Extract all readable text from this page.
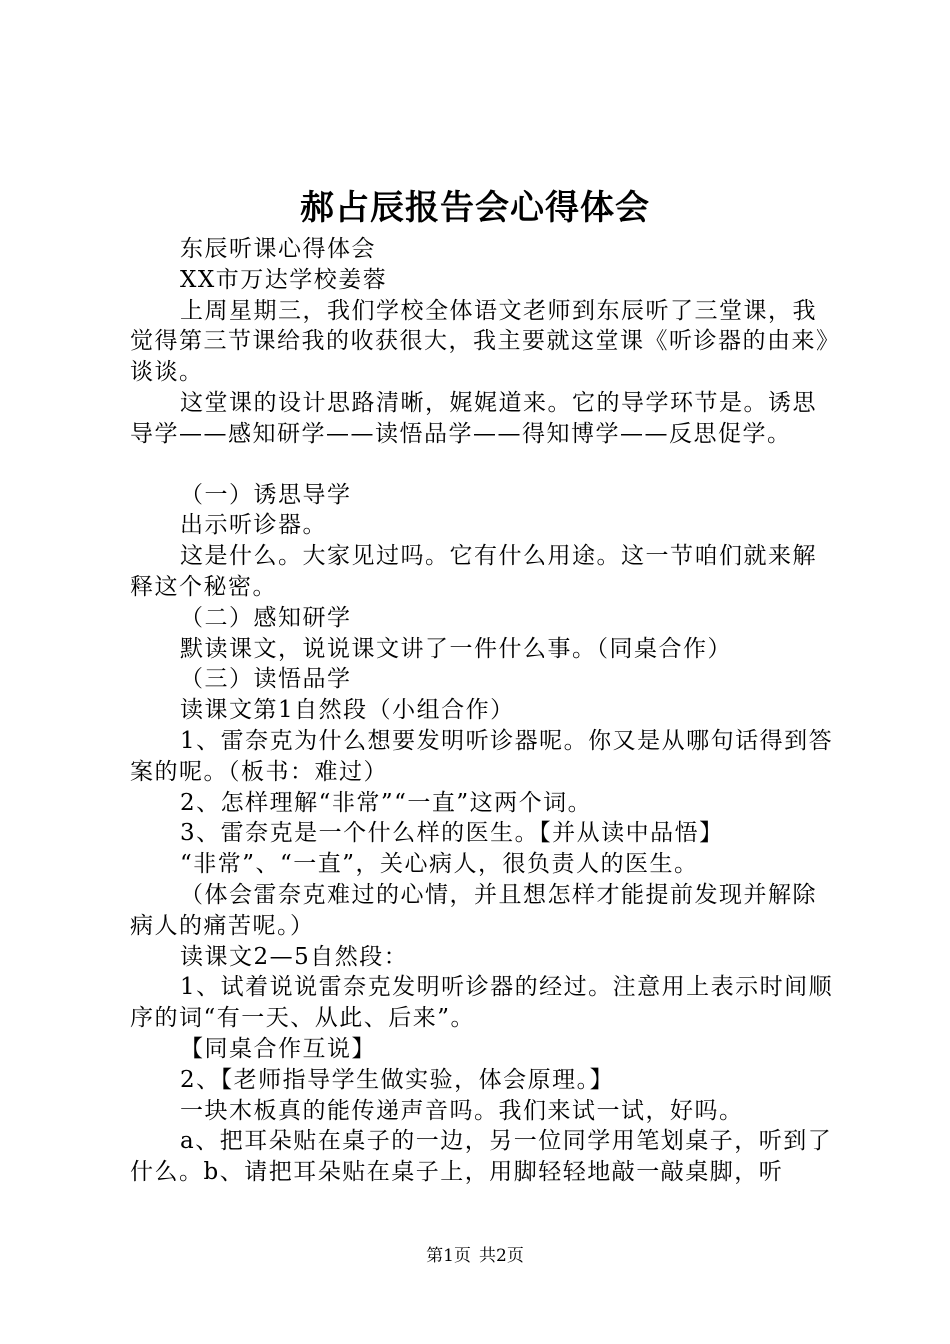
郝占辰报告会心得体会

东辰听课心得体会

XX市万达学校姜蓉

上周星期三，我们学校全体语文老师到东辰听了三堂课，我觉得第三节课给我的收获很大，我主要就这堂课《听诊器的由来》谈谈。

这堂课的设计思路清晰，娓娓道来。它的导学环节是。诱思导学——感知研学——读悟品学——得知博学——反思促学。

（一）诱思导学

出示听诊器。

这是什么。大家见过吗。它有什么用途。这一节咱们就来解释这个秘密。

（二）感知研学

默读课文，说说课文讲了一件什么事。（同桌合作）

（三）读悟品学

读课文第1自然段（小组合作）

1、雷奈克为什么想要发明听诊器呢。你又是从哪句话得到答案的呢。（板书：难过）

2、怎样理解“非常”“一直”这两个词。

3、雷奈克是一个什么样的医生。【并从读中品悟】

“非常”、“一直”，关心病人，很负责人的医生。

（体会雷奈克难过的心情，并且想怎样才能提前发现并解除病人的痛苦呢。）

读课文2—5自然段：

1、试着说说雷奈克发明听诊器的经过。注意用上表示时间顺序的词“有一天、从此、后来”。

【同桌合作互说】

2、【老师指导学生做实验，体会原理。】

一块木板真的能传递声音吗。我们来试一试，好吗。

a、把耳朵贴在桌子的一边，另一位同学用笔划桌子，听到了什么。b、请把耳朵贴在桌子上，用脚轻轻地敲一敲桌脚，听

第1页 共2页
